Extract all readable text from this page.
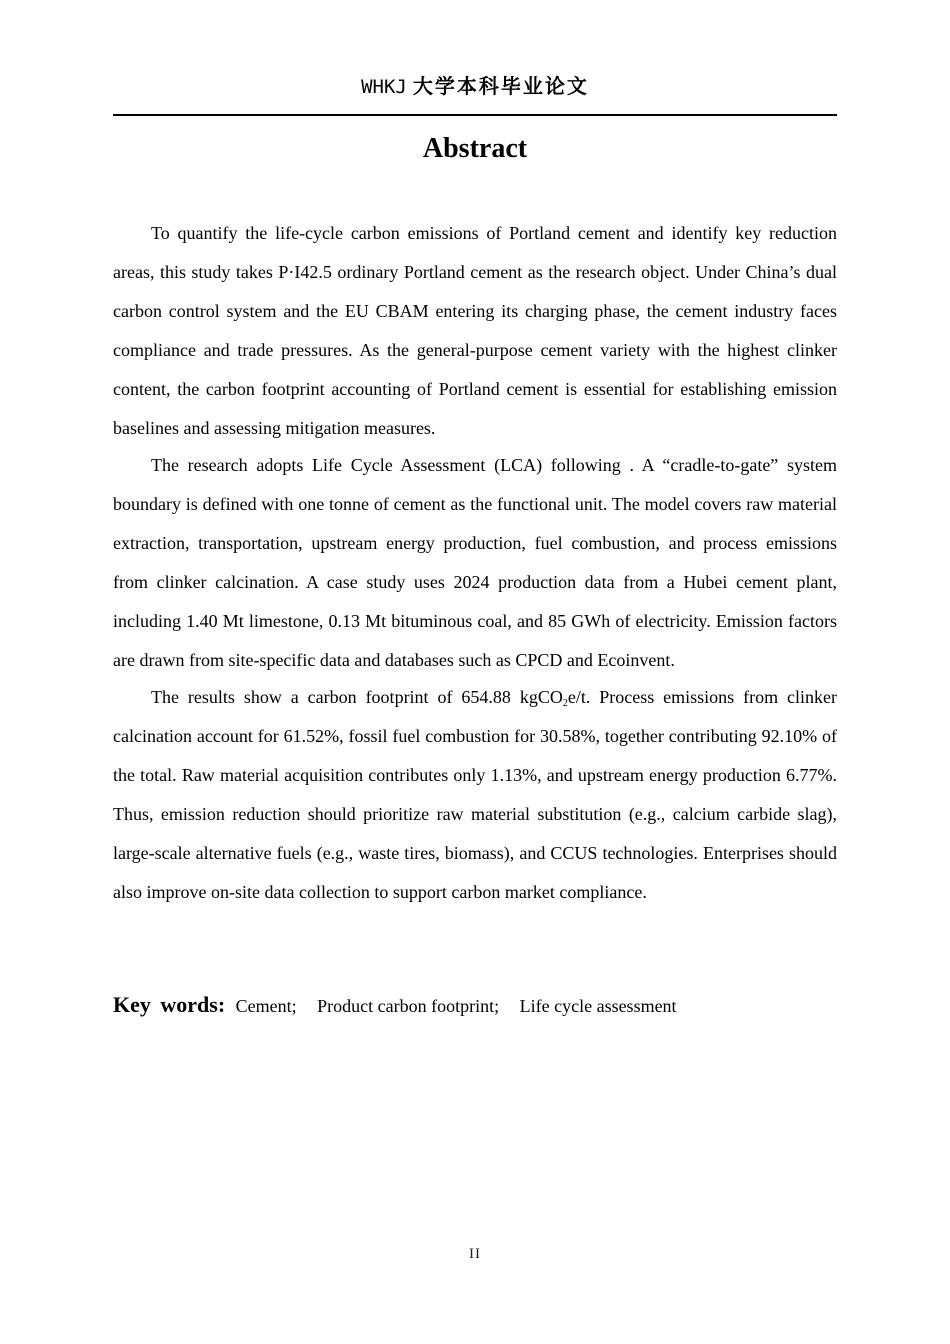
WHKJ 大学本科毕业论文
Abstract

To quantify the life-cycle carbon emissions of Portland cement and identify key reduction areas, this study takes P·I42.5 ordinary Portland cement as the research object. Under China’s dual carbon control system and the EU CBAM entering its charging phase, the cement industry faces compliance and trade pressures. As the general-purpose cement variety with the highest clinker content, the carbon footprint accounting of Portland cement is essential for establishing emission baselines and assessing mitigation measures.

The research adopts Life Cycle Assessment (LCA) following . A “cradle-to-gate” system boundary is defined with one tonne of cement as the functional unit. The model covers raw material extraction, transportation, upstream energy production, fuel combustion, and process emissions from clinker calcination. A case study uses 2024 production data from a Hubei cement plant, including 1.40 Mt limestone, 0.13 Mt bituminous coal, and 85 GWh of electricity. Emission factors are drawn from site-specific data and databases such as CPCD and Ecoinvent.

The results show a carbon footprint of 654.88 kgCO$_2$e/t. Process emissions from clinker calcination account for 61.52%, fossil fuel combustion for 30.58%, together contributing 92.10% of the total. Raw material acquisition contributes only 1.13%, and upstream energy production 6.77%. Thus, emission reduction should prioritize raw material substitution (e.g., calcium carbide slag), large-scale alternative fuels (e.g., waste tires, biomass), and CCUS technologies. Enterprises should also improve on-site data collection to support carbon market compliance.

Key words: Cement; Product carbon footprint; Life cycle assessment
II
